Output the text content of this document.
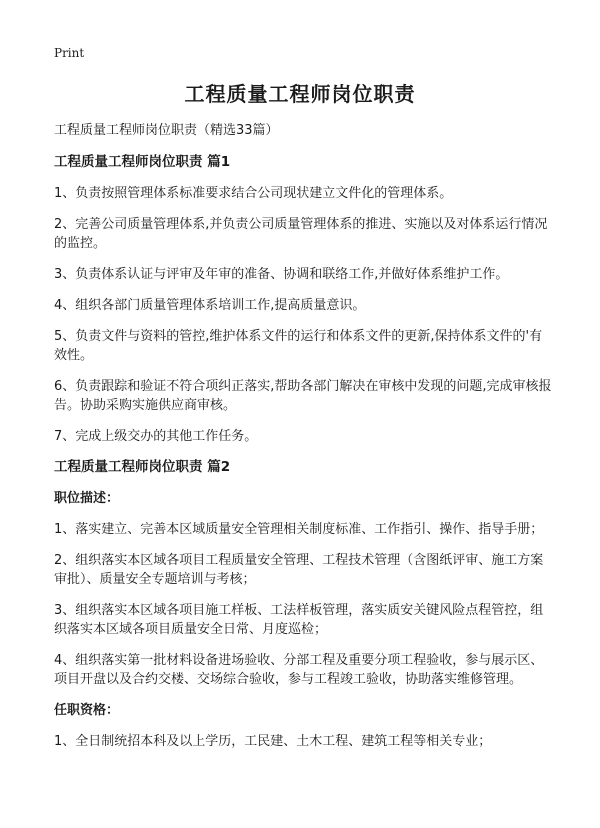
Print
工程质量工程师岗位职责

工程质量工程师岗位职责（精选33篇）

工程质量工程师岗位职责 篇1

1、负责按照管理体系标准要求结合公司现状建立文件化的管理体系。

2、完善公司质量管理体系,并负责公司质量管理体系的推进、实施以及对体系运行情况的监控。

3、负责体系认证与评审及年审的准备、协调和联络工作,并做好体系维护工作。

4、组织各部门质量管理体系培训工作,提高质量意识。

5、负责文件与资料的管控,维护体系文件的运行和体系文件的更新,保持体系文件的'有效性。

6、负责跟踪和验证不符合项纠正落实,帮助各部门解决在审核中发现的问题,完成审核报告。协助采购实施供应商审核。

7、完成上级交办的其他工作任务。

工程质量工程师岗位职责 篇2

职位描述：

1、落实建立、完善本区域质量安全管理相关制度标准、工作指引、操作、指导手册；

2、组织落实本区域各项目工程质量安全管理、工程技术管理（含图纸评审、施工方案审批）、质量安全专题培训与考核；

3、组织落实本区域各项目施工样板、工法样板管理，落实质安关键风险点程管控，组织落实本区域各项目质量安全日常、月度巡检；

4、组织落实第一批材料设备进场验收、分部工程及重要分项工程验收，参与展示区、项目开盘以及合约交楼、交场综合验收，参与工程竣工验收，协助落实维修管理。

任职资格：

1、全日制统招本科及以上学历，工民建、土木工程、建筑工程等相关专业；
